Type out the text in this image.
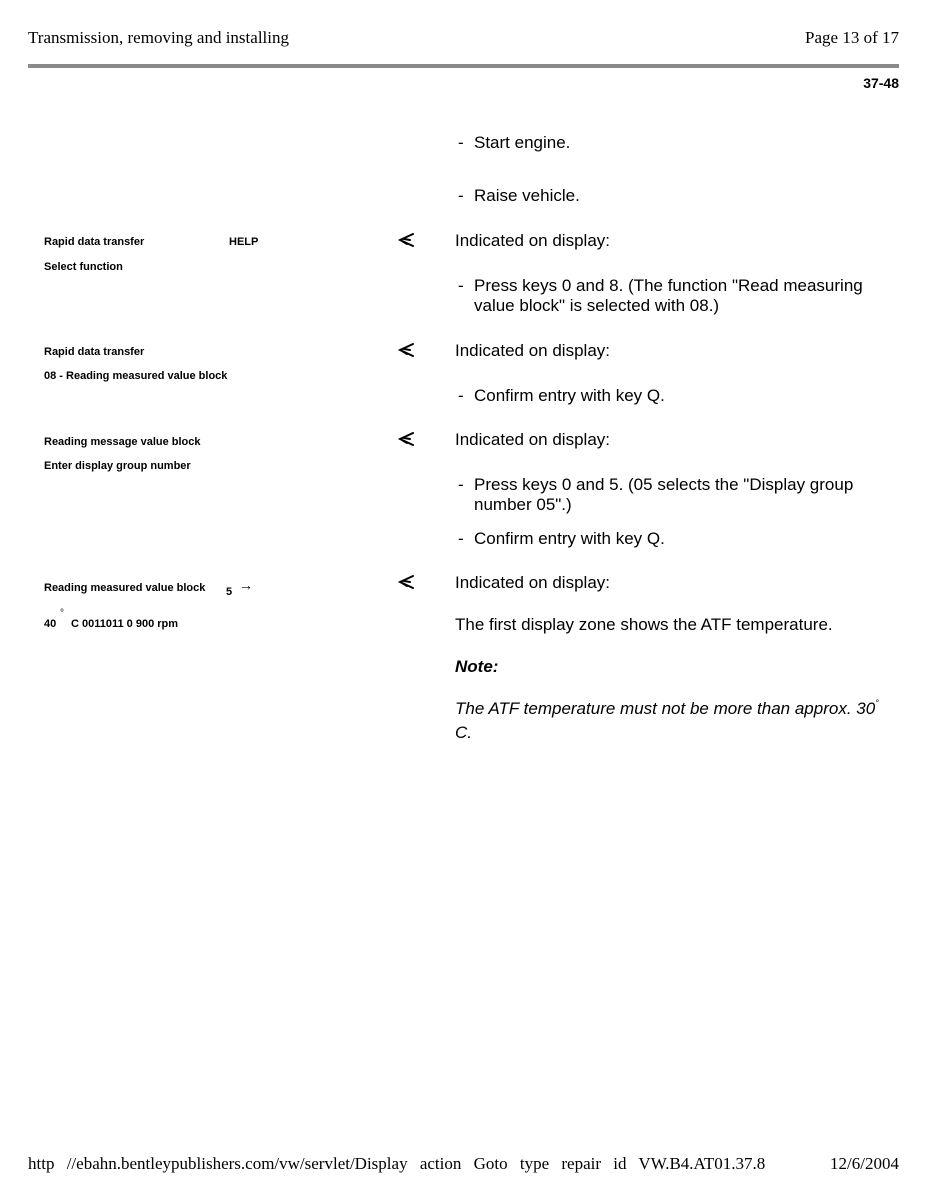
Transmission, removing and installing	Page 13 of 17
37-48
- Start engine.
- Raise vehicle.
Rapid data transfer	HELP
Select function
Indicated on display:
- Press keys 0 and 8. (The function "Read measuring value block" is selected with 08.)
Rapid data transfer
08 - Reading measured value block
Indicated on display:
- Confirm entry with key Q.
Reading message value block
Enter display group number
Indicated on display:
- Press keys 0 and 5. (05 selects the "Display group number 05".)
- Confirm entry with key Q.
Reading measured value block 5 →
40
°
C 0011011 0 900 rpm
Indicated on display:
The first display zone shows the ATF temperature.
Note:
The ATF temperature must not be more than approx. 30° C.
http //ebahn.bentleypublishers.com/vw/servlet/Display action Goto type repair id VW.B4.AT01.37.8	12/6/2004
